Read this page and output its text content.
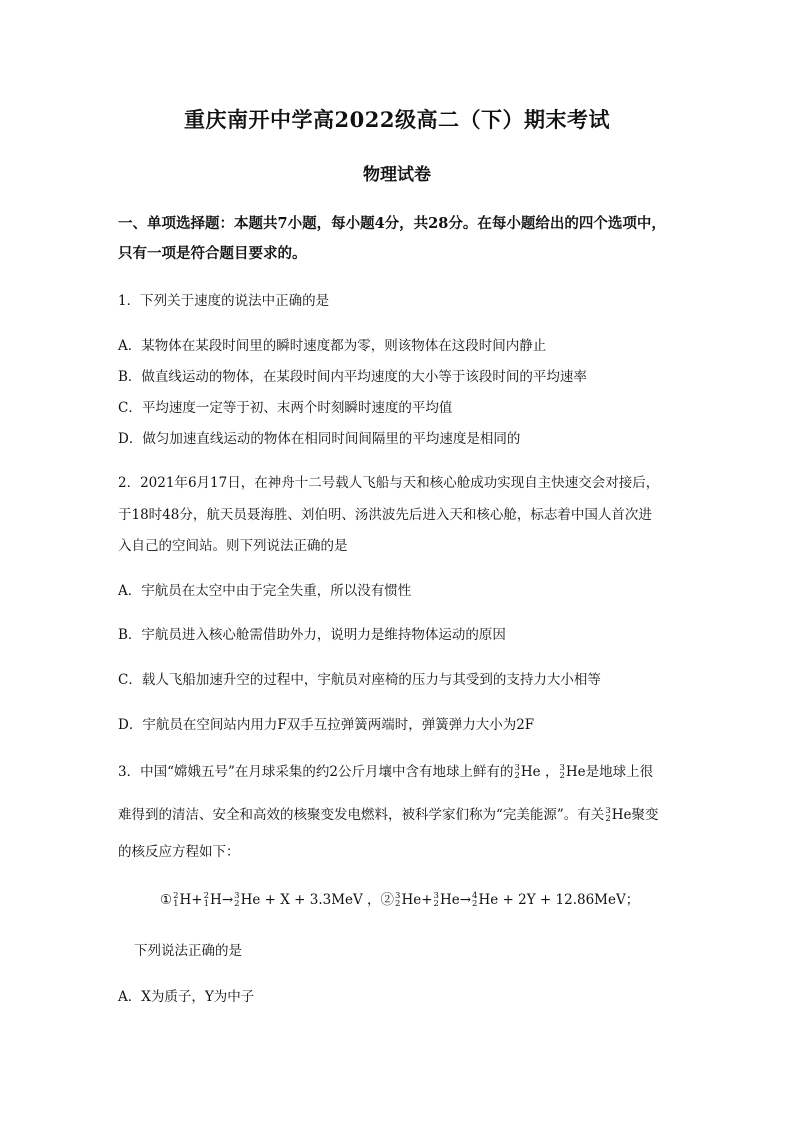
重庆南开中学高2022级高二（下）期末考试
物理试卷
一、单项选择题：本题共7小题，每小题4分，共28分。在每小题给出的四个选项中，只有一项是符合题目要求的。
1．下列关于速度的说法中正确的是
A．某物体在某段时间里的瞬时速度都为零，则该物体在这段时间内静止
B．做直线运动的物体，在某段时间内平均速度的大小等于该段时间的平均速率
C．平均速度一定等于初、末两个时刻瞬时速度的平均值
D．做匀加速直线运动的物体在相同时间间隔里的平均速度是相同的
2．2021年6月17日，在神舟十二号载人飞船与天和核心舱成功实现自主快速交会对接后，
于18时48分，航天员聂海胜、刘伯明、汤洪波先后进入天和核心舱，标志着中国人首次进
入自己的空间站。则下列说法正确的是
A．宇航员在太空中由于完全失重，所以没有惯性
B．宇航员进入核心舱需借助外力，说明力是维持物体运动的原因
C．载人飞船加速升空的过程中，宇航员对座椅的压力与其受到的支持力大小相等
D．宇航员在空间站内用力F双手互拉弹簧两端时，弹簧弹力大小为2F
3．中国“嫦娥五号”在月球采集的约2公斤月壤中含有地球上鲜有的 3
2 He ， 3
2 He是地球上很
难得到的清洁、安全和高效的核聚变发电燃料，被科学家们称为“完美能源”。有关 3
2 He聚变
的核反应方程如下：
① 2
1 H+ 2
1 H→ 3
2 He + X + 3.3MeV ，② 3
2 He+ 3
2 He→ 4
2 He + 2Y + 12.86MeV；
下列说法正确的是
A．X为质子，Y为中子
